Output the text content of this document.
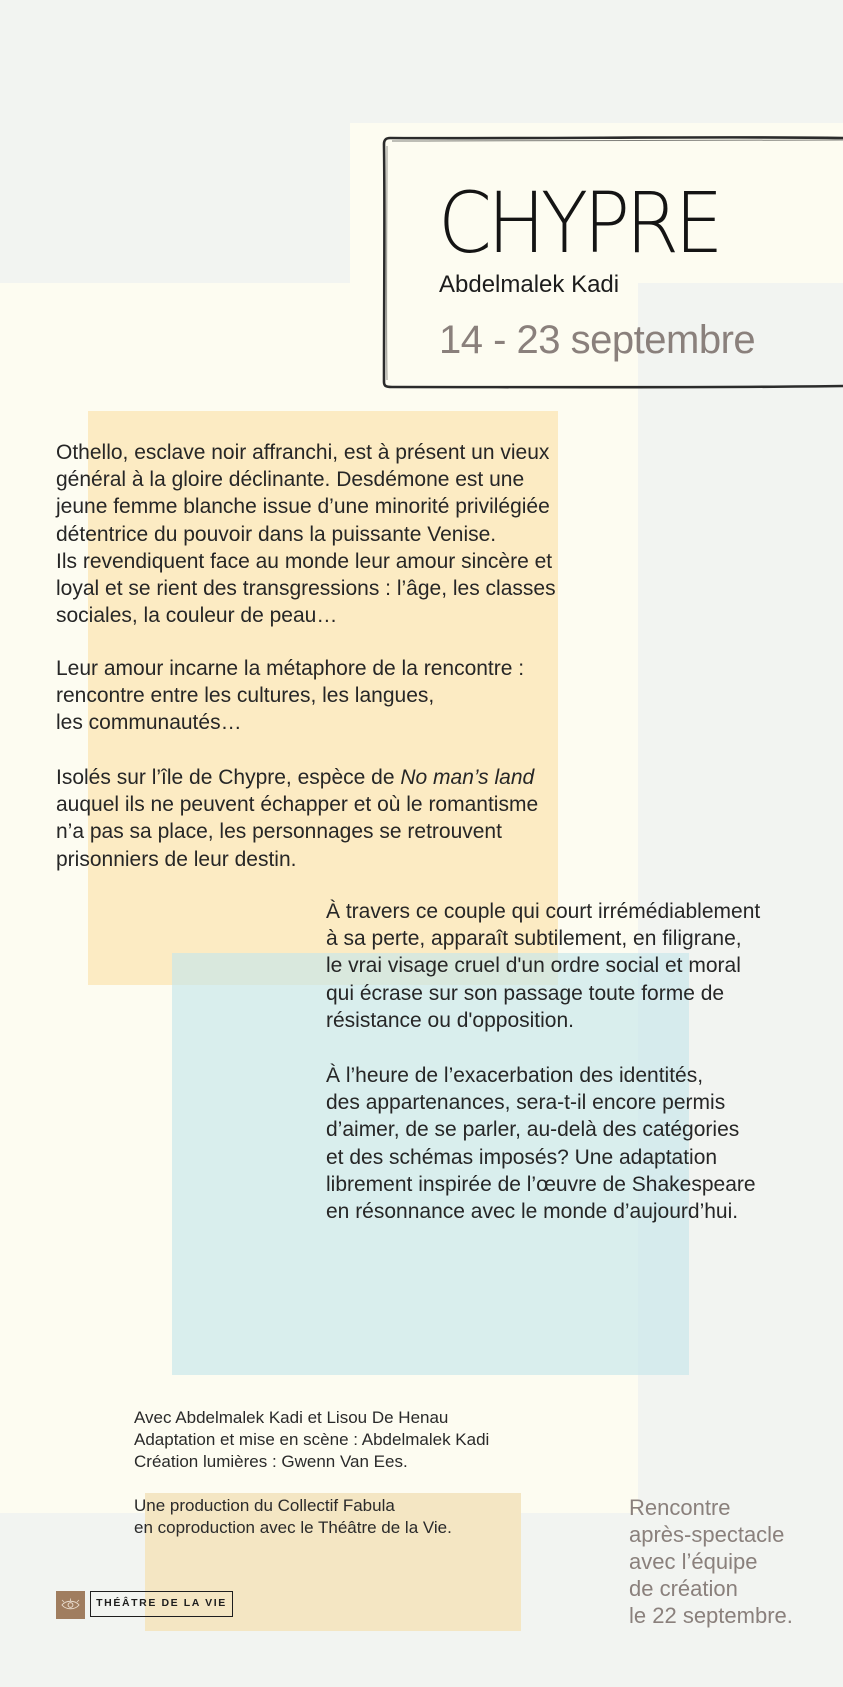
CHYPRE

Abdelmalek Kadi

14 - 23 septembre

Othello, esclave noir affranchi, est à présent un vieux
général à la gloire déclinante. Desdémone est une
jeune femme blanche issue d’une minorité privilégiée
détentrice du pouvoir dans la puissante Venise.
Ils revendiquent face au monde leur amour sincère et
loyal et se rient des transgressions : l’âge, les classes
sociales, la couleur de peau…

Leur amour incarne la métaphore de la rencontre :
rencontre entre les cultures, les langues,
les communautés…

Isolés sur l’île de Chypre, espèce de No man’s land
auquel ils ne peuvent échapper et où le romantisme
n’a pas sa place, les personnages se retrouvent
prisonniers de leur destin.

À travers ce couple qui court irrémédiablement
à sa perte, apparaît subtilement, en filigrane,
le vrai visage cruel d'un ordre social et moral
qui écrase sur son passage toute forme de
résistance ou d'opposition.

À l’heure de l’exacerbation des identités,
des appartenances, sera-t-il encore permis
d’aimer, de se parler, au-delà des catégories
et des schémas imposés? Une adaptation
librement inspirée de l’œuvre de Shakespeare
en résonnance avec le monde d’aujourd’hui.

Avec Abdelmalek Kadi et Lisou De Henau
Adaptation et mise en scène : Abdelmalek Kadi
Création lumières : Gwenn Van Ees.

Une production du Collectif Fabula
en coproduction avec le Théâtre de la Vie.

Rencontre
après-spectacle
avec l’équipe
de création
le 22 septembre.

THÉÂTRE DE LA VIE
